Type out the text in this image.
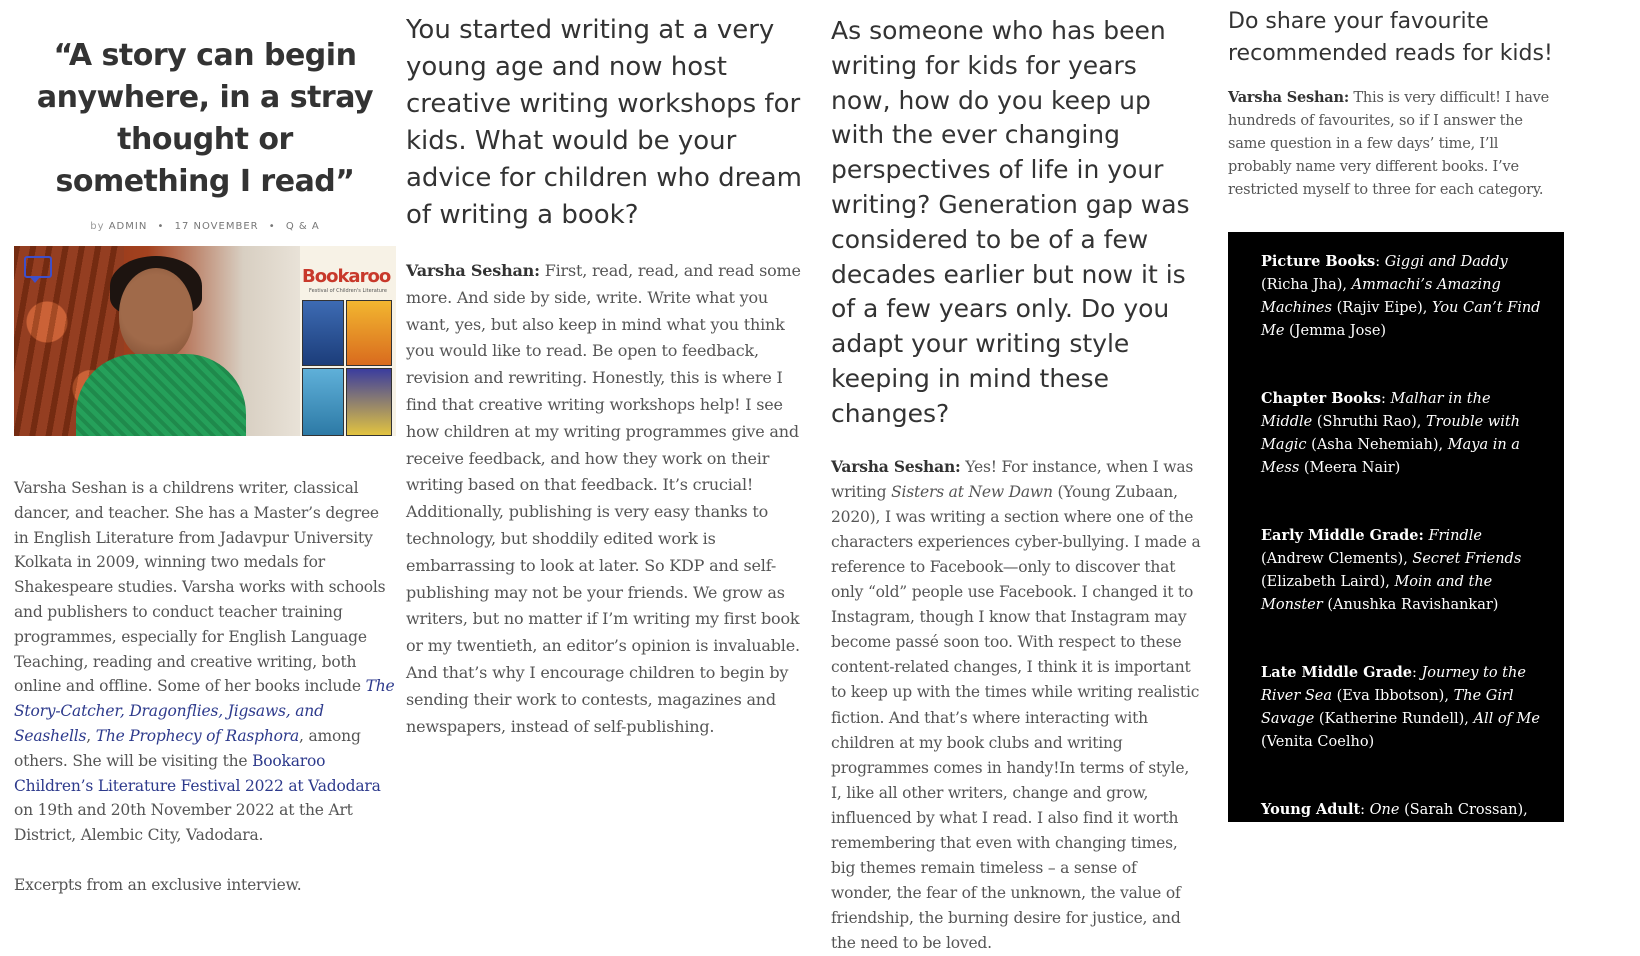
“A story can begin anywhere, in a stray thought or something I read”
by ADMIN • 17 NOVEMBER • Q & A
Bookaroo
Festival of Children's Literature
Varsha Seshan is a childrens writer, classical dancer, and teacher. She has a Master’s degree in English Literature from Jadavpur University Kolkata in 2009, winning two medals for Shakespeare studies. Varsha works with schools and publishers to conduct teacher training programmes, especially for English Language Teaching, reading and creative writing, both online and offline. Some of her books include The Story-Catcher, Dragonflies, Jigsaws, and Seashells, The Prophecy of Rasphora, among others. She will be visiting the Bookaroo Children’s Literature Festival 2022 at Vadodara on 19th and 20th November 2022 at the Art District, Alembic City, Vadodara.
Excerpts from an exclusive interview.
You started writing at a very young age and now host creative writing workshops for kids. What would be your advice for children who dream of writing a book?
Varsha Seshan: First, read, read, and read some more. And side by side, write. Write what you want, yes, but also keep in mind what you think you would like to read. Be open to feedback, revision and rewriting. Honestly, this is where I find that creative writing workshops help! I see how children at my writing programmes give and receive feedback, and how they work on their writing based on that feedback. It’s crucial! Additionally, publishing is very easy thanks to technology, but shoddily edited work is embarrassing to look at later. So KDP and self-publishing may not be your friends. We grow as writers, but no matter if I’m writing my first book or my twentieth, an editor’s opinion is invaluable. And that’s why I encourage children to begin by sending their work to contests, magazines and newspapers, instead of self-publishing.
As someone who has been writing for kids for years now, how do you keep up with the ever changing perspectives of life in your writing? Generation gap was considered to be of a few decades earlier but now it is of a few years only. Do you adapt your writing style keeping in mind these changes?
Varsha Seshan: Yes! For instance, when I was writing Sisters at New Dawn (Young Zubaan, 2020), I was writing a section where one of the characters experiences cyber-bullying. I made a reference to Facebook—only to discover that only “old” people use Facebook. I changed it to Instagram, though I know that Instagram may become passé soon too. With respect to these content-related changes, I think it is important to keep up with the times while writing realistic fiction. And that’s where interacting with children at my book clubs and writing programmes comes in handy!In terms of style, I, like all other writers, change and grow, influenced by what I read. I also find it worth remembering that even with changing times, big themes remain timeless – a sense of wonder, the fear of the unknown, the value of friendship, the burning desire for justice, and the need to be loved.
Do share your favourite recommended reads for kids!
Varsha Seshan: This is very difficult! I have hundreds of favourites, so if I answer the same question in a few days’ time, I’ll probably name very different books. I’ve restricted myself to three for each category.
Picture Books: Giggi and Daddy (Richa Jha), Ammachi’s Amazing Machines (Rajiv Eipe), You Can’t Find Me (Jemma Jose)
Chapter Books: Malhar in the Middle (Shruthi Rao), Trouble with Magic (Asha Nehemiah), Maya in a Mess (Meera Nair)
Early Middle Grade: Frindle (Andrew Clements), Secret Friends (Elizabeth Laird), Moin and the Monster (Anushka Ravishankar)
Late Middle Grade: Journey to the River Sea (Eva Ibbotson), The Girl Savage (Katherine Rundell), All of Me (Venita Coelho)
Young Adult: One (Sarah Crossan), The Bone Sparrow (Zana Fraillon), Talking of Muskaan (Himanjali Sankar)
